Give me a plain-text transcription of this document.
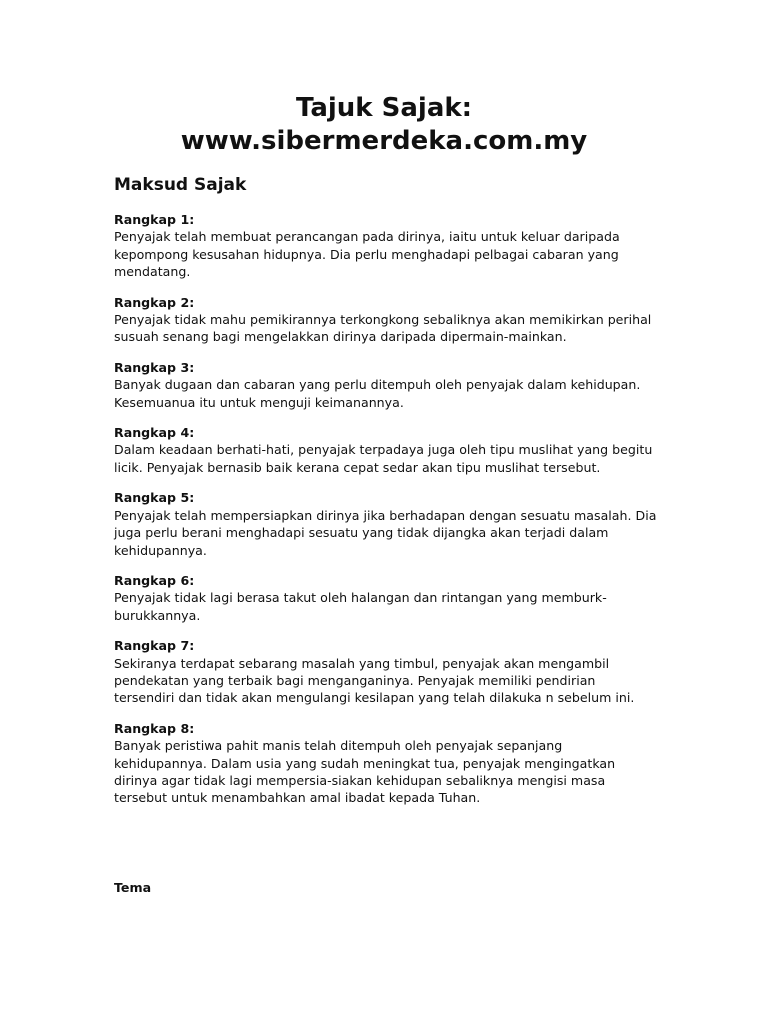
Tajuk Sajak:
www.sibermerdeka.com.my
Maksud Sajak
Rangkap 1:
Penyajak telah membuat perancangan pada dirinya, iaitu untuk keluar daripada
kepompong kesusahan hidupnya. Dia perlu menghadapi pelbagai cabaran yang
mendatang.
Rangkap 2:
Penyajak tidak mahu pemikirannya terkongkong sebaliknya akan memikirkan perihal
susuah senang bagi mengelakkan dirinya daripada dipermain-mainkan.
Rangkap 3:
Banyak dugaan dan cabaran yang perlu ditempuh oleh penyajak dalam kehidupan.
Kesemuanua itu untuk menguji keimanannya.
Rangkap 4:
Dalam keadaan berhati-hati, penyajak terpadaya juga oleh tipu muslihat yang begitu
licik. Penyajak bernasib baik kerana cepat sedar akan tipu muslihat tersebut.
Rangkap 5:
Penyajak telah mempersiapkan dirinya jika berhadapan dengan sesuatu masalah. Dia
juga perlu berani menghadapi sesuatu yang tidak dijangka akan terjadi dalam
kehidupannya.
Rangkap 6:
Penyajak tidak lagi berasa takut oleh halangan dan rintangan yang memburk-
burukkannya.
Rangkap 7:
Sekiranya terdapat sebarang masalah yang timbul, penyajak akan mengambil
pendekatan yang terbaik bagi menganganinya. Penyajak memiliki pendirian
tersendiri dan tidak akan mengulangi kesilapan yang telah dilakuka n sebelum ini.
Rangkap 8:
Banyak peristiwa pahit manis telah ditempuh oleh penyajak sepanjang
kehidupannya. Dalam usia yang sudah meningkat tua, penyajak mengingatkan
dirinya agar tidak lagi mempersia-siakan kehidupan sebaliknya mengisi masa
tersebut untuk menambahkan amal ibadat kepada Tuhan.
Tema
